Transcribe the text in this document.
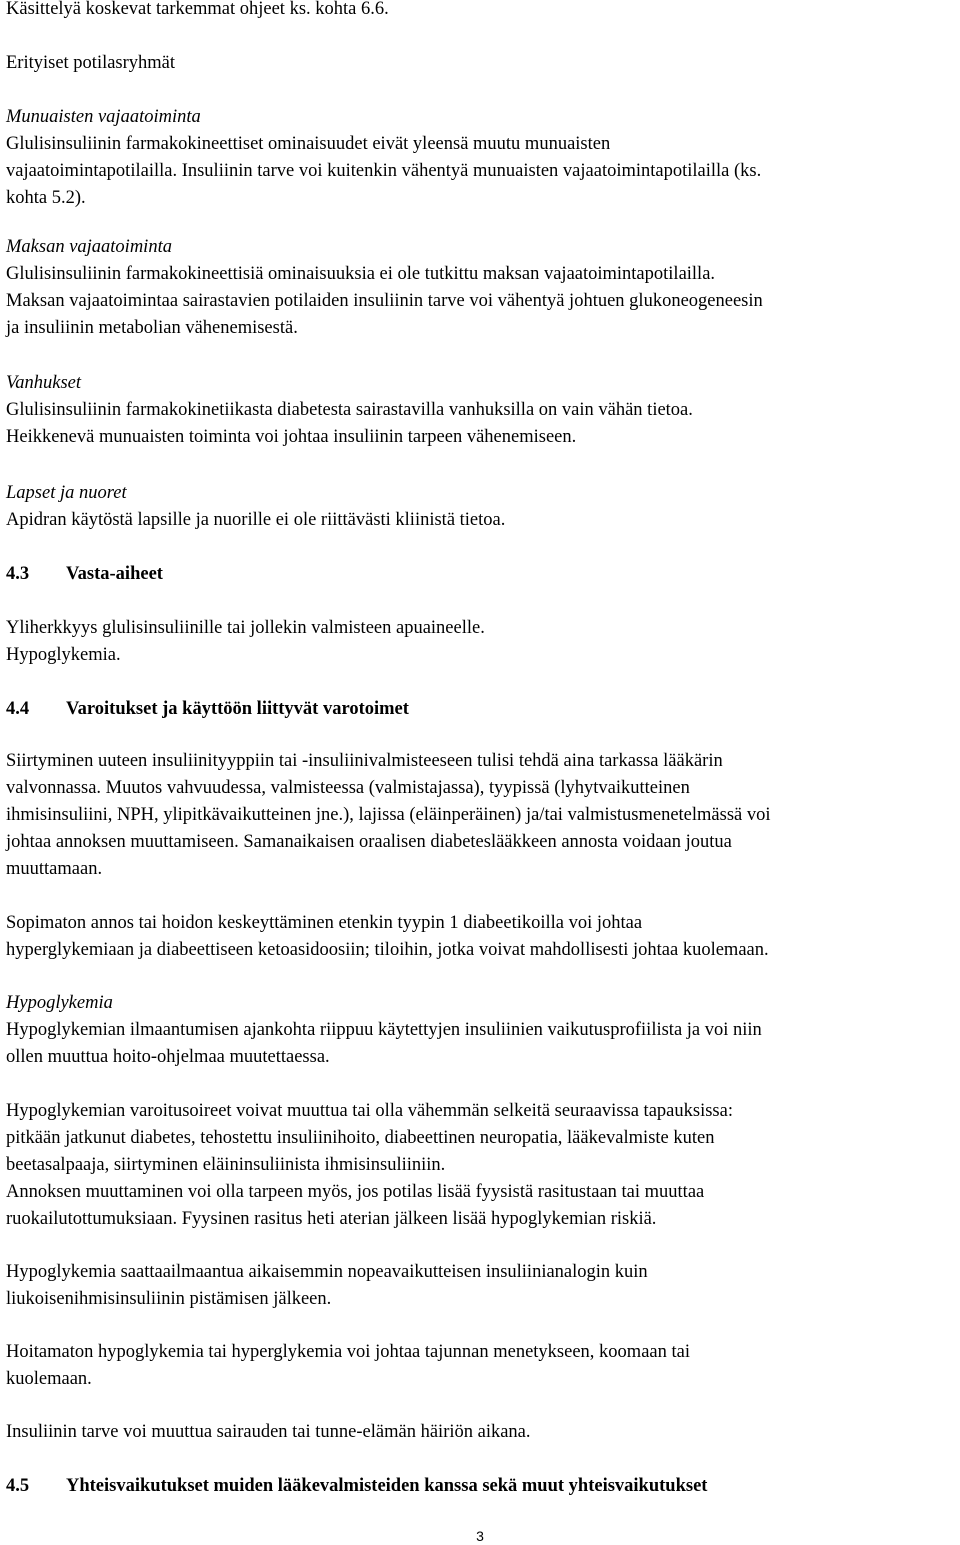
Käsittelyä koskevat tarkemmat ohjeet ks. kohta 6.6.

Erityiset potilasryhmät

Munuaisten vajaatoiminta

Glulisinsuliinin farmakokineettiset ominaisuudet eivät yleensä muutu munuaisten

vajaatoimintapotilailla. Insuliinin tarve voi kuitenkin vähentyä munuaisten vajaatoimintapotilailla (ks.

kohta 5.2).

Maksan vajaatoiminta

Glulisinsuliinin farmakokineettisiä ominaisuuksia ei ole tutkittu maksan vajaatoimintapotilailla.

Maksan vajaatoimintaa sairastavien potilaiden insuliinin tarve voi vähentyä johtuen glukoneogeneesin

ja insuliinin metabolian vähenemisestä.

Vanhukset

Glulisinsuliinin farmakokinetiikasta diabetesta sairastavilla vanhuksilla on vain vähän tietoa.

Heikkenevä munuaisten toiminta voi johtaa insuliinin tarpeen vähenemiseen.

Lapset ja nuoret

Apidran käytöstä lapsille ja nuorille ei ole riittävästi kliinistä tietoa.

4.3 Vasta-aiheet

Yliherkkyys glulisinsuliinille tai jollekin valmisteen apuaineelle.

Hypoglykemia.

4.4 Varoitukset ja käyttöön liittyvät varotoimet

Siirtyminen uuteen insuliinityyppiin tai -insuliinivalmisteeseen tulisi tehdä aina tarkassa lääkärin

valvonnassa. Muutos vahvuudessa, valmisteessa (valmistajassa), tyypissä (lyhytvaikutteinen

ihmisinsuliini, NPH, ylipitkävaikutteinen jne.), lajissa (eläinperäinen) ja/tai valmistusmenetelmässä voi

johtaa annoksen muuttamiseen. Samanaikaisen oraalisen diabeteslääkkeen annosta voidaan joutua

muuttamaan.

Sopimaton annos tai hoidon keskeyttäminen etenkin tyypin 1 diabeetikoilla voi johtaa

hyperglykemiaan ja diabeettiseen ketoasidoosiin; tiloihin, jotka voivat mahdollisesti johtaa kuolemaan.

Hypoglykemia

Hypoglykemian ilmaantumisen ajankohta riippuu käytettyjen insuliinien vaikutusprofiilista ja voi niin

ollen muuttua hoito-ohjelmaa muutettaessa.

Hypoglykemian varoitusoireet voivat muuttua tai olla vähemmän selkeitä seuraavissa tapauksissa:

pitkään jatkunut diabetes, tehostettu insuliinihoito, diabeettinen neuropatia, lääkevalmiste kuten

beetasalpaaja, siirtyminen eläininsuliinista ihmisinsuliiniin.

Annoksen muuttaminen voi olla tarpeen myös, jos potilas lisää fyysistä rasitustaan tai muuttaa

ruokailutottumuksiaan. Fyysinen rasitus heti aterian jälkeen lisää hypoglykemian riskiä.

Hypoglykemia saattaailmaantua aikaisemmin nopeavaikutteisen insuliinianalogin kuin

liukoisenihmisinsuliinin pistämisen jälkeen.

Hoitamaton hypoglykemia tai hyperglykemia voi johtaa tajunnan menetykseen, koomaan tai

kuolemaan.

Insuliinin tarve voi muuttua sairauden tai tunne-elämän häiriön aikana.

4.5 Yhteisvaikutukset muiden lääkevalmisteiden kanssa sekä muut yhteisvaikutukset

3
